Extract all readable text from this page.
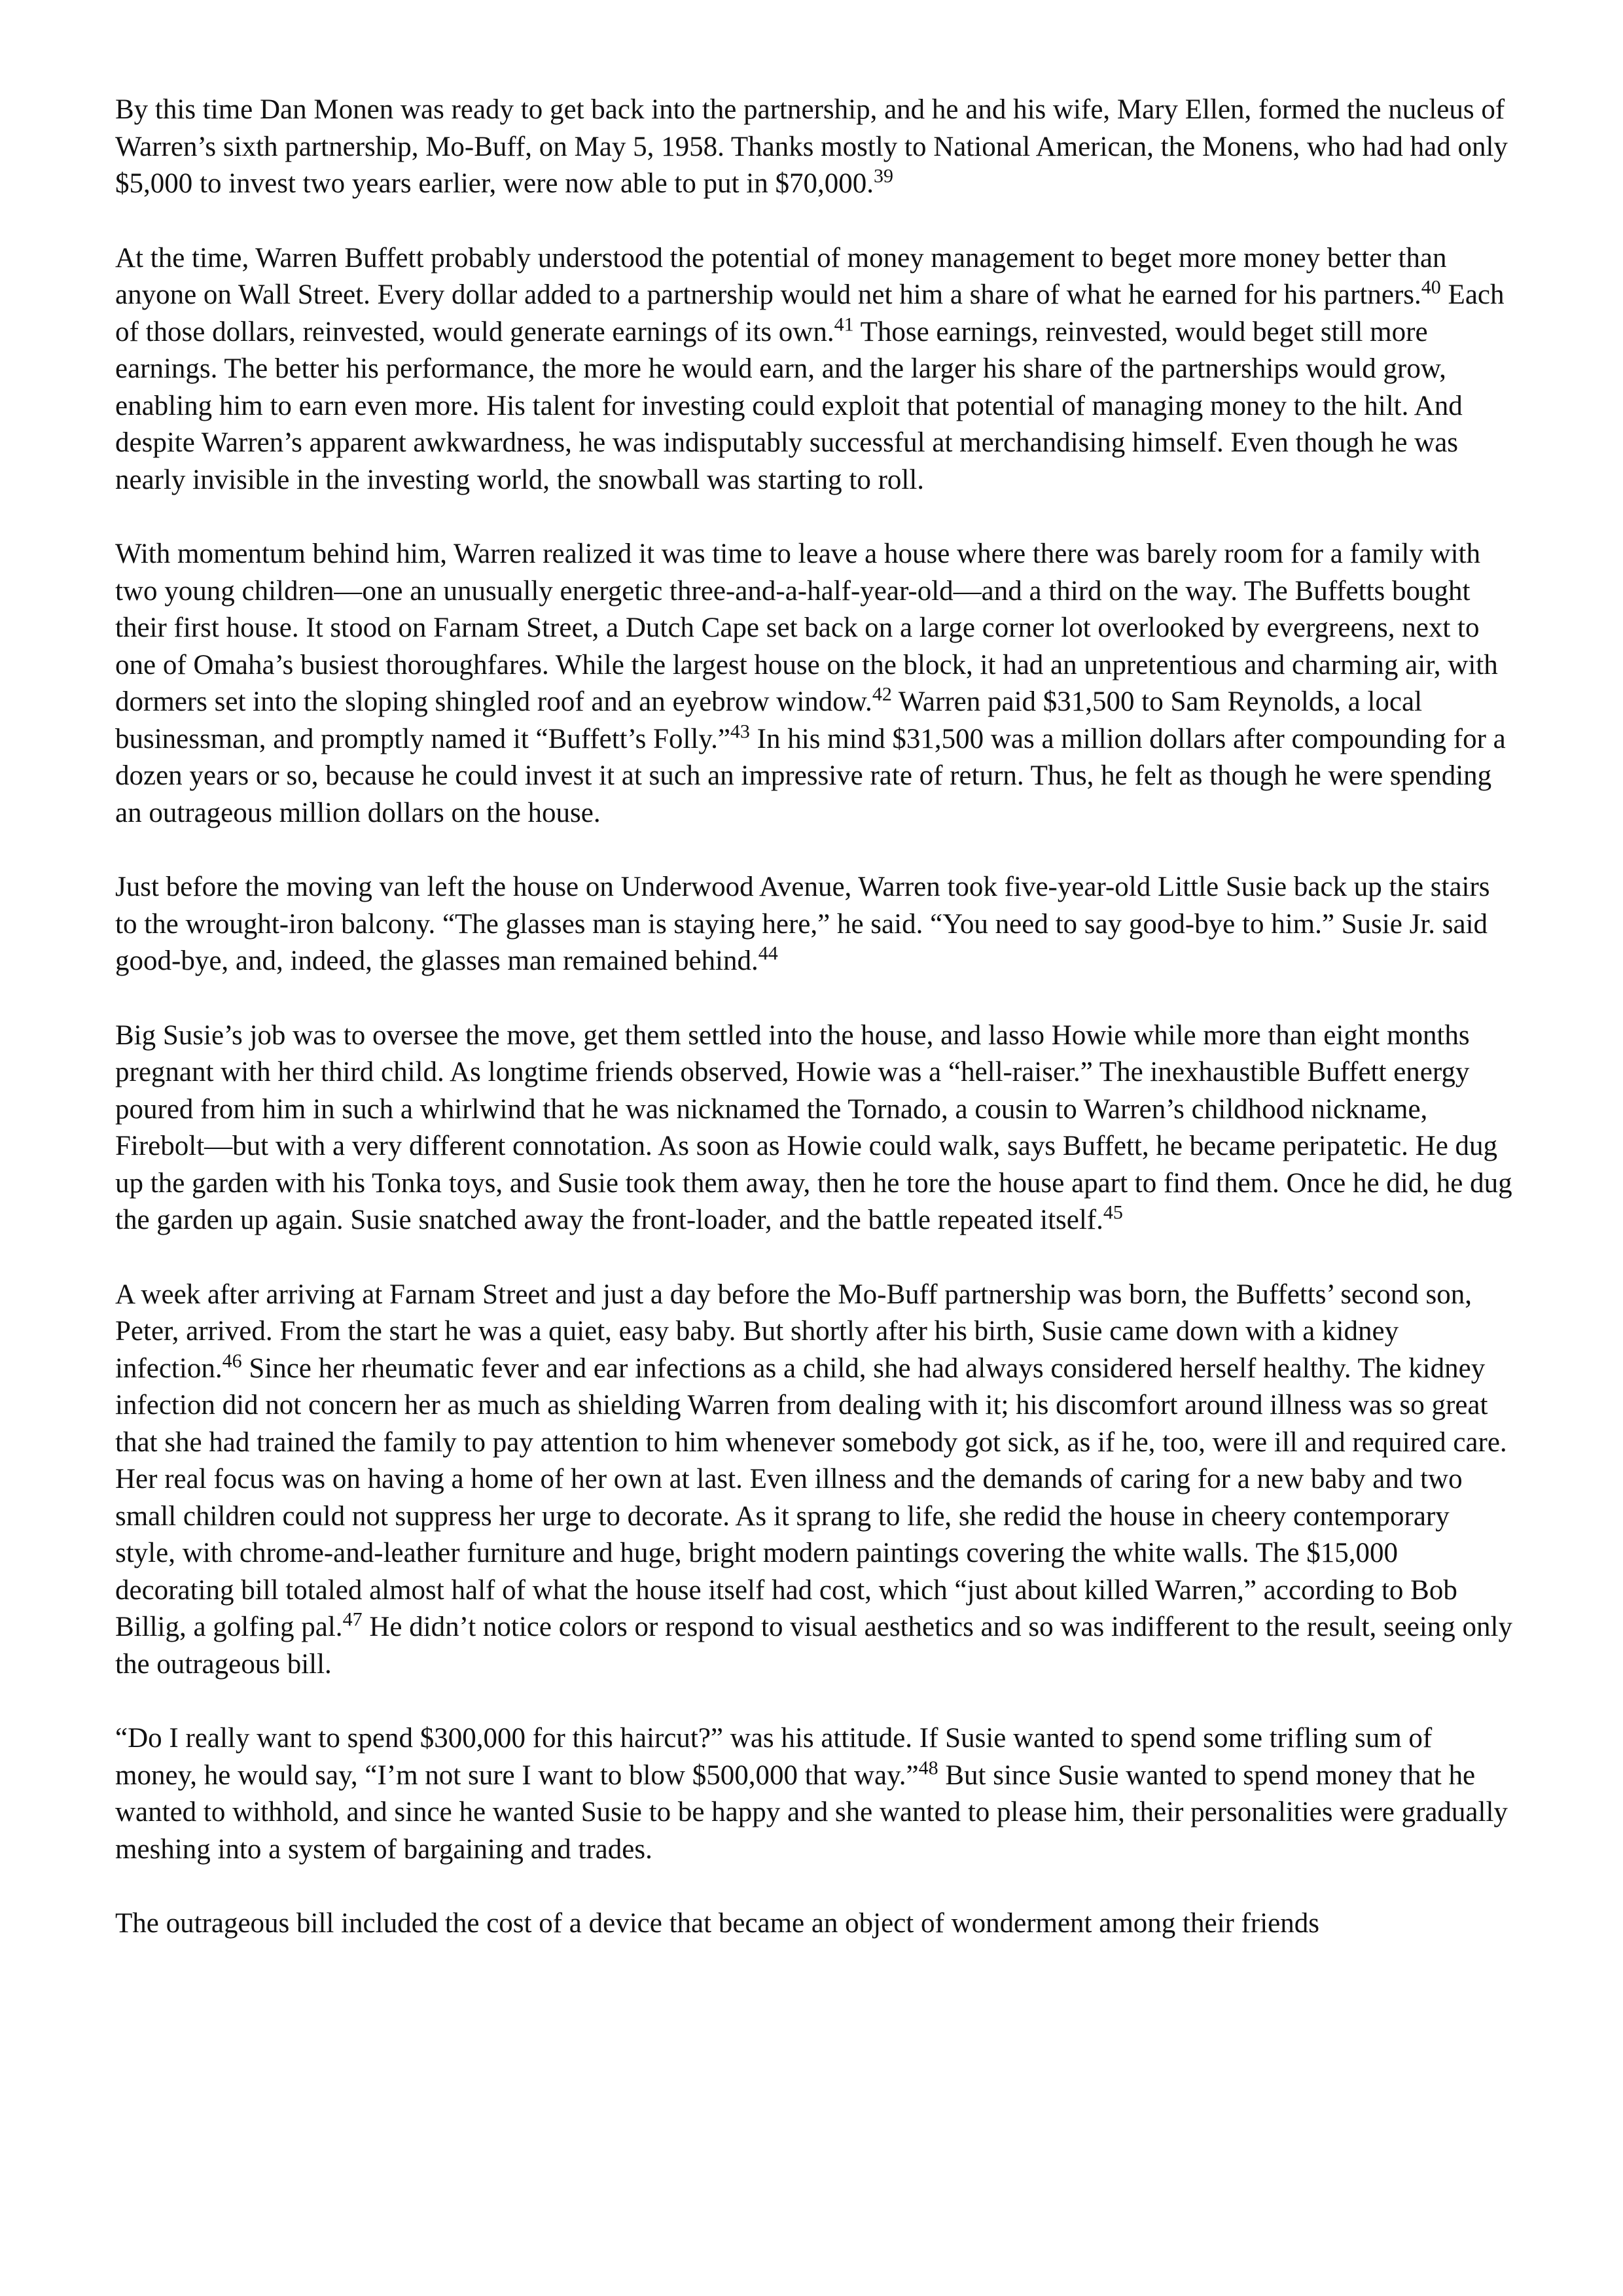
By this time Dan Monen was ready to get back into the partnership, and he and his wife, Mary Ellen, formed the nucleus of Warren’s sixth partnership, Mo-Buff, on May 5, 1958. Thanks mostly to National American, the Monens, who had had only $5,000 to invest two years earlier, were now able to put in $70,000.39

At the time, Warren Buffett probably understood the potential of money management to beget more money better than anyone on Wall Street. Every dollar added to a partnership would net him a share of what he earned for his partners.$^{40}$ Each of those dollars, reinvested, would generate earnings of its own.$^{41}$ Those earnings, reinvested, would beget still more earnings. The better his performance, the more he would earn, and the larger his share of the partnerships would grow, enabling him to earn even more. His talent for investing could exploit that potential of managing money to the hilt. And despite Warren’s apparent awkwardness, he was indisputably successful at merchandising himself. Even though he was nearly invisible in the investing world, the snowball was starting to roll.

With momentum behind him, Warren realized it was time to leave a house where there was barely room for a family with two young children—one an unusually energetic three-and-a-half-year-old—and a third on the way. The Buffetts bought their first house. It stood on Farnam Street, a Dutch Cape set back on a large corner lot overlooked by evergreens, next to one of Omaha’s busiest thoroughfares. While the largest house on the block, it had an unpretentious and charming air, with dormers set into the sloping shingled roof and an eyebrow window.$^{42}$ Warren paid $31,500 to Sam Reynolds, a local businessman, and promptly named it “Buffett’s Folly.”$^{43}$ In his mind $31,500 was a million dollars after compounding for a dozen years or so, because he could invest it at such an impressive rate of return. Thus, he felt as though he were spending an outrageous million dollars on the house.

Just before the moving van left the house on Underwood Avenue, Warren took five-year-old Little Susie back up the stairs to the wrought-iron balcony. “The glasses man is staying here,” he said. “You need to say good-bye to him.” Susie Jr. said good-bye, and, indeed, the glasses man remained behind.$^{44}$

Big Susie’s job was to oversee the move, get them settled into the house, and lasso Howie while more than eight months pregnant with her third child. As longtime friends observed, Howie was a “hell-raiser.” The inexhaustible Buffett energy poured from him in such a whirlwind that he was nicknamed the Tornado, a cousin to Warren’s childhood nickname, Firebolt—but with a very different connotation. As soon as Howie could walk, says Buffett, he became peripatetic. He dug up the garden with his Tonka toys, and Susie took them away, then he tore the house apart to find them. Once he did, he dug the garden up again. Susie snatched away the front-loader, and the battle repeated itself.$^{45}$

A week after arriving at Farnam Street and just a day before the Mo-Buff partnership was born, the Buffetts’ second son, Peter, arrived. From the start he was a quiet, easy baby. But shortly after his birth, Susie came down with a kidney infection.$^{46}$ Since her rheumatic fever and ear infections as a child, she had always considered herself healthy. The kidney infection did not concern her as much as shielding Warren from dealing with it; his discomfort around illness was so great that she had trained the family to pay attention to him whenever somebody got sick, as if he, too, were ill and required care. Her real focus was on having a home of her own at last. Even illness and the demands of caring for a new baby and two small children could not suppress her urge to decorate. As it sprang to life, she redid the house in cheery contemporary style, with chrome-and-leather furniture and huge, bright modern paintings covering the white walls. The $15,000 decorating bill totaled almost half of what the house itself had cost, which “just about killed Warren,” according to Bob Billig, a golfing pal.$^{47}$ He didn’t notice colors or respond to visual aesthetics and so was indifferent to the result, seeing only the outrageous bill.

“Do I really want to spend $300,000 for this haircut?” was his attitude. If Susie wanted to spend some trifling sum of money, he would say, “I’m not sure I want to blow $500,000 that way.”$^{48}$ But since Susie wanted to spend money that he wanted to withhold, and since he wanted Susie to be happy and she wanted to please him, their personalities were gradually meshing into a system of bargaining and trades.

The outrageous bill included the cost of a device that became an object of wonderment among their friends
